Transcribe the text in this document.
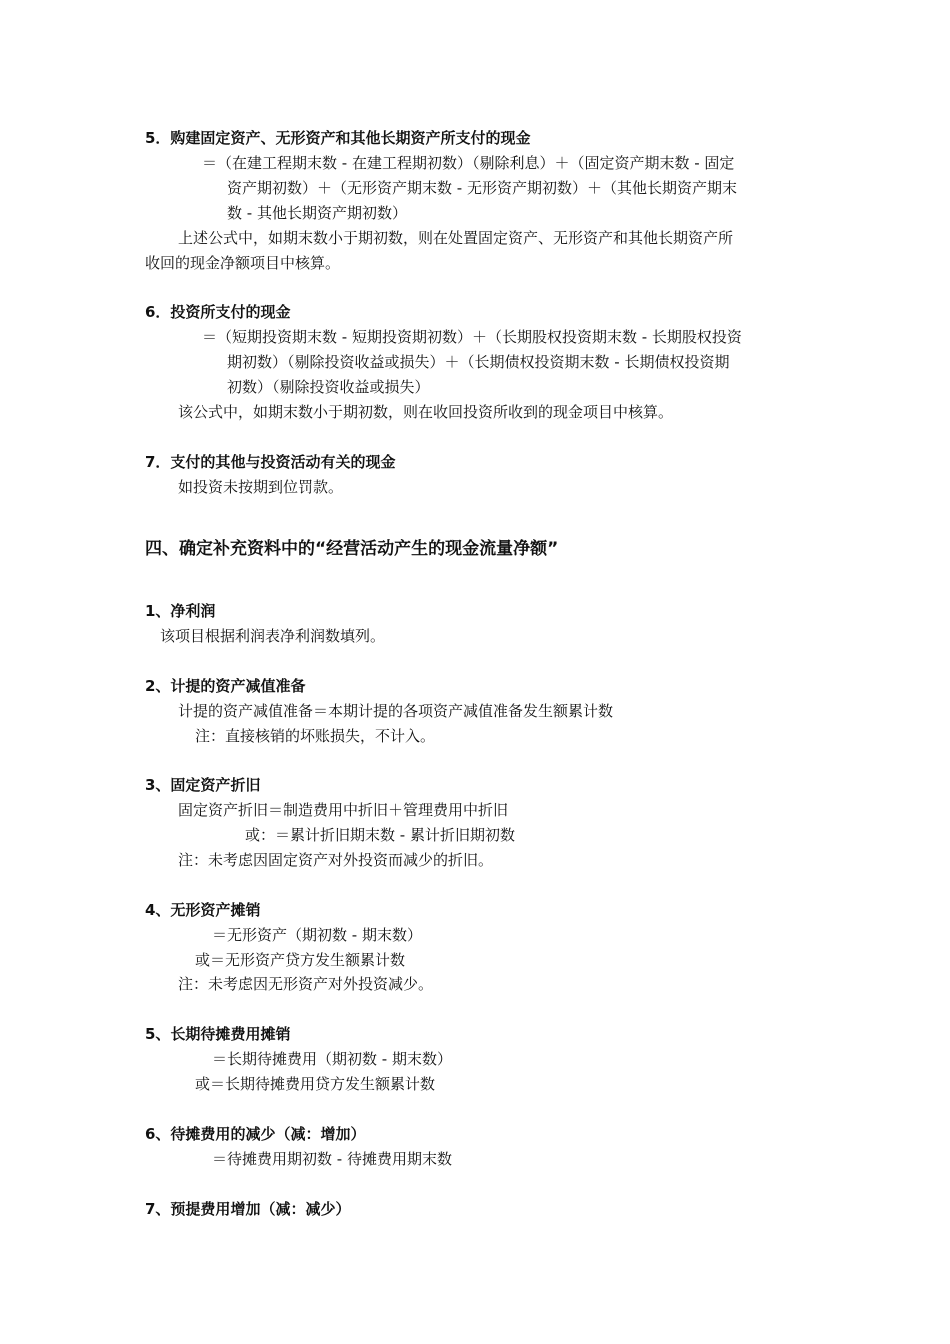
5．购建固定资产、无形资产和其他长期资产所支付的现金
＝（在建工程期末数 - 在建工程期初数）（剔除利息）＋（固定资产期末数 - 固定
资产期初数）＋（无形资产期末数 - 无形资产期初数）＋（其他长期资产期末
数 - 其他长期资产期初数）
上述公式中，如期末数小于期初数，则在处置固定资产、无形资产和其他长期资产所
收回的现金净额项目中核算。
6．投资所支付的现金
＝（短期投资期末数 - 短期投资期初数）＋（长期股权投资期末数 - 长期股权投资
期初数）（剔除投资收益或损失）＋（长期债权投资期末数 - 长期债权投资期
初数）（剔除投资收益或损失）
该公式中，如期末数小于期初数，则在收回投资所收到的现金项目中核算。
7．支付的其他与投资活动有关的现金
如投资未按期到位罚款。
四、确定补充资料中的“经营活动产生的现金流量净额”
1、净利润
该项目根据利润表净利润数填列。
2、计提的资产减值准备
计提的资产减值准备＝本期计提的各项资产减值准备发生额累计数
注：直接核销的坏账损失，不计入。
3、固定资产折旧
固定资产折旧＝制造费用中折旧＋管理费用中折旧
或：＝累计折旧期末数 - 累计折旧期初数
注：未考虑因固定资产对外投资而减少的折旧。
4、无形资产摊销
＝无形资产（期初数 - 期末数）
或＝无形资产贷方发生额累计数
注：未考虑因无形资产对外投资减少。
5、长期待摊费用摊销
＝长期待摊费用（期初数 - 期末数）
或＝长期待摊费用贷方发生额累计数
6、待摊费用的减少（减：增加）
＝待摊费用期初数 - 待摊费用期末数
7、预提费用增加（减：减少）
